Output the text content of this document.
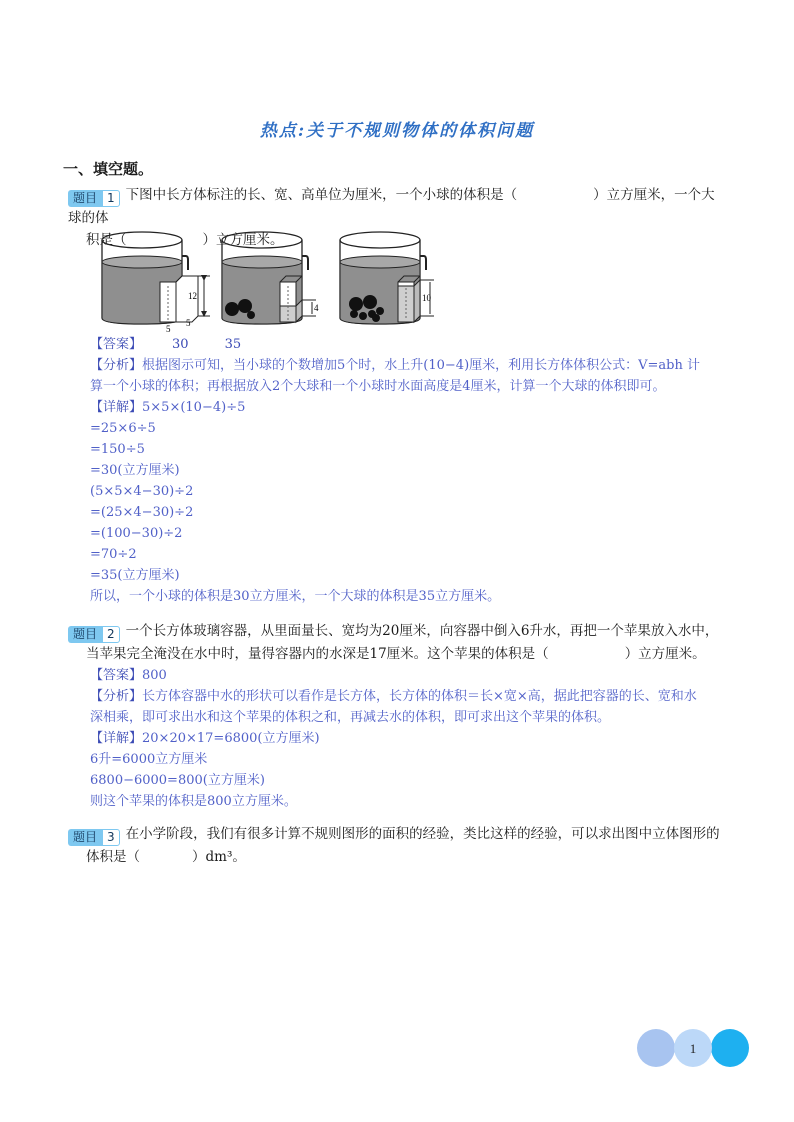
热点:关于不规则物体的体积问题
一、填空题。
题目 1 下图中长方体标注的长、宽、高单位为厘米，一个小球的体积是（	）立方厘米，一个大球的体
积是（	）立方厘米。
12
5
5
4
10
【答案】 30	35
【分析】根据图示可知，当小球的个数增加5个时，水上升(10−4)厘米，利用长方体体积公式：V=abh 计
算一个小球的体积；再根据放入2个大球和一个小球时水面高度是4厘米，计算一个大球的体积即可。
【详解】5×5×(10−4)÷5
=25×6÷5
=150÷5
=30(立方厘米)
(5×5×4−30)÷2
=(25×4−30)÷2
=(100−30)÷2
=70÷2
=35(立方厘米)
所以，一个小球的体积是30立方厘米，一个大球的体积是35立方厘米。
题目 2 一个长方体玻璃容器，从里面量长、宽均为20厘米，向容器中倒入6升水，再把一个苹果放入水中，
当苹果完全淹没在水中时，量得容器内的水深是17厘米。这个苹果的体积是（	）立方厘米。
【答案】800
【分析】长方体容器中水的形状可以看作是长方体，长方体的体积＝长×宽×高，据此把容器的长、宽和水
深相乘，即可求出水和这个苹果的体积之和，再减去水的体积，即可求出这个苹果的体积。
【详解】20×20×17=6800(立方厘米)
6升=6000立方厘米
6800−6000=800(立方厘米)
则这个苹果的体积是800立方厘米。
题目 3 在小学阶段，我们有很多计算不规则图形的面积的经验，类比这样的经验，可以求出图中立体图形的
体积是（	）dm³。
1
